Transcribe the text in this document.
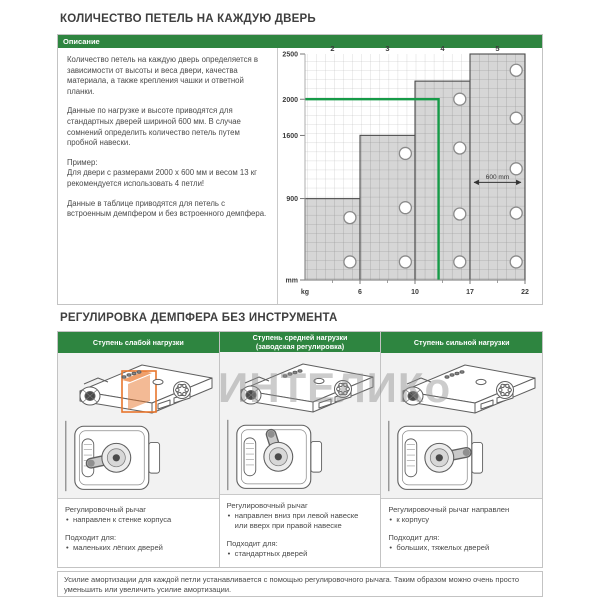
КОЛИЧЕСТВО ПЕТЕЛЬ НА КАЖДУЮ ДВЕРЬ
Описание

Количество петель на каждую дверь определяется в зависимости от высоты и веса двери, качества материала, а также крепления чашки и ответной планки.

Данные по нагрузке и высоте приводятся для стандартных дверей шириной 600 мм. В случае сомнений определить количество петель путем пробной навески.

Пример:

Для двери с размерами 2000 x 600 мм и весом 13 кг рекомендуется использовать 4 петли!

Данные в таблице приводятся для петель с встроенным демпфером и без встроенного демпфера.

2	3	4	5
600 mm
900
1600
2000
2500
mm
6	10	17	22
kg
РЕГУЛИРОВКА ДЕМПФЕРА БЕЗ ИНСТРУМЕНТА
Ступень слабой нагрузки

Регулировочный рычаг

• направлен к стенке корпуса

Подходит для:

• маленьких лёгких дверей
Ступень средней нагрузки
(заводская регулировка)

Регулировочный рычаг

• направлен вниз при левой навеске или вверх при правой навеске

Подходит для:

• стандартных дверей
Ступень сильной нагрузки

Регулировочный рычаг направлен

• к корпусу

Подходит для:

• больших, тяжелых дверей
Усилие амортизации для каждой петли устанавливается с помощью регулировочного рычага. Таким образом можно очень просто уменьшить или увеличить усилие амортизации.
ИНТЕЛИКо
